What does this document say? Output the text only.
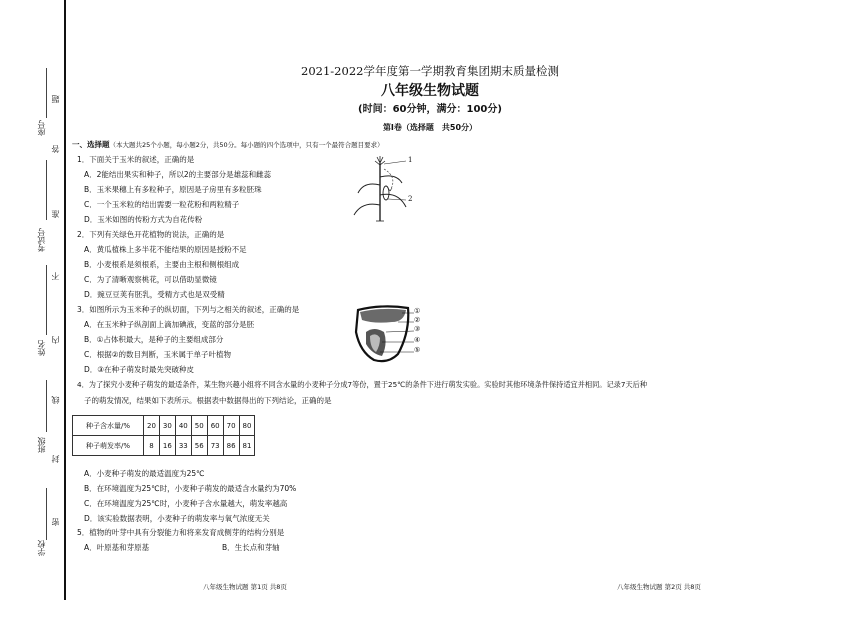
学校
班级
姓名
考试号
座号
密
封
线
内
不
准
答
题
2021-2022学年度第一学期教育集团期末质量检测
八年级生物试题
(时间：60分钟，满分：100分)
第Ⅰ卷（选择题　共50分）
一、选择题（本大题共25个小题，每小题2分，共50分。每小题的四个选项中，只有一个最符合题目要求）
1．下面关于玉米的叙述，正确的是
A．2能结出果实和种子，所以2的主要部分是雄蕊和雌蕊
B．玉米果穗上有多粒种子，原因是子房里有多粒胚珠
C．一个玉米粒的结出需要一粒花粉和两粒精子
D．玉米如图的传粉方式为自花传粉
1
2
2．下列有关绿色开花植物的说法，正确的是
A．黄瓜植株上多半花不能结果的原因是授粉不足
B．小麦根系是须根系，主要由主根和侧根组成
C．为了清晰观察桃花，可以借助显微镜
D．豌豆豆荚有胚乳，受精方式也是双受精
3．如图所示为玉米种子的纵切面，下列与之相关的叙述，正确的是
A．在玉米种子纵剖面上滴加碘液，变蓝的部分是胚
B．①占体积最大，是种子的主要组成部分
C．根据②的数目判断，玉米属于单子叶植物
D．③在种子萌发时最先突破种皮
①
②
③
④
⑤
4．为了探究小麦种子萌发的最适条件，某生物兴趣小组将不同含水量的小麦种子分成7等份，置于25℃的条件下进行萌发实验。实验时其他环境条件保持适宜并相同。记录7天后种
子的萌发情况，结果如下表所示。根据表中数据得出的下列结论，正确的是
种子含水量/%	20	30	40	50	60	70	80
种子萌发率/%	8	16	33	56	73	86	81
A．小麦种子萌发的最适温度为25℃
B．在环境温度为25℃时，小麦种子萌发的最适含水量约为70%
C．在环境温度为25℃时，小麦种子含水量越大，萌发率越高
D．该实验数据表明，小麦种子的萌发率与氧气浓度无关
5．植物的叶芽中具有分裂能力和将来发育成侧芽的结构分别是
A．叶原基和芽原基	B．生长点和芽轴
八年级生物试题 第1页 共8页	八年级生物试题 第2页 共8页
